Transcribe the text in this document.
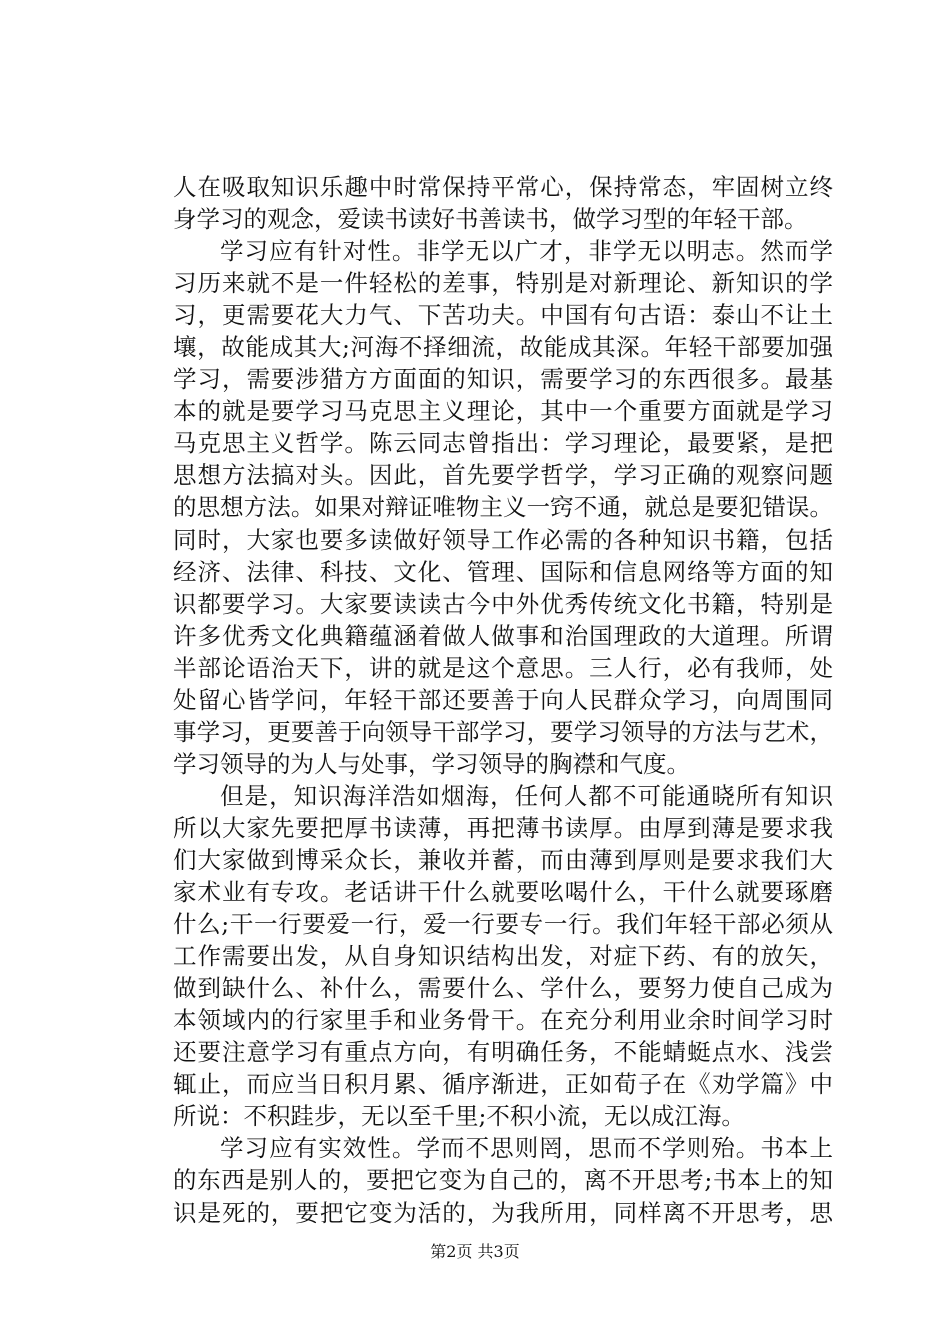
人在吸取知识乐趣中时常保持平常心，保持常态，牢固树立终
身学习的观念，爱读书读好书善读书，做学习型的年轻干部。
学习应有针对性。非学无以广才，非学无以明志。然而学
习历来就不是一件轻松的差事，特别是对新理论、新知识的学
习，更需要花大力气、下苦功夫。中国有句古语：泰山不让土
壤，故能成其大;河海不择细流，故能成其深。年轻干部要加强
学习，需要涉猎方方面面的知识，需要学习的东西很多。最基
本的就是要学习马克思主义理论，其中一个重要方面就是学习
马克思主义哲学。陈云同志曾指出：学习理论，最要紧，是把
思想方法搞对头。因此，首先要学哲学，学习正确的观察问题
的思想方法。如果对辩证唯物主义一窍不通，就总是要犯错误。
同时，大家也要多读做好领导工作必需的各种知识书籍，包括
经济、法律、科技、文化、管理、国际和信息网络等方面的知
识都要学习。大家要读读古今中外优秀传统文化书籍，特别是
许多优秀文化典籍蕴涵着做人做事和治国理政的大道理。所谓
半部论语治天下，讲的就是这个意思。三人行，必有我师，处
处留心皆学问，年轻干部还要善于向人民群众学习，向周围同
事学习，更要善于向领导干部学习，要学习领导的方法与艺术，
学习领导的为人与处事，学习领导的胸襟和气度。
但是，知识海洋浩如烟海，任何人都不可能通晓所有知识
所以大家先要把厚书读薄，再把薄书读厚。由厚到薄是要求我
们大家做到博采众长，兼收并蓄，而由薄到厚则是要求我们大
家术业有专攻。老话讲干什么就要吆喝什么，干什么就要琢磨
什么;干一行要爱一行，爱一行要专一行。我们年轻干部必须从
工作需要出发，从自身知识结构出发，对症下药、有的放矢，
做到缺什么、补什么，需要什么、学什么，要努力使自己成为
本领域内的行家里手和业务骨干。在充分利用业余时间学习时
还要注意学习有重点方向，有明确任务，不能蜻蜓点水、浅尝
辄止，而应当日积月累、循序渐进，正如荀子在《劝学篇》中
所说：不积跬步，无以至千里;不积小流，无以成江海。
学习应有实效性。学而不思则罔，思而不学则殆。书本上
的东西是别人的，要把它变为自己的，离不开思考;书本上的知
识是死的，要把它变为活的，为我所用，同样离不开思考，思
第2页 共3页
